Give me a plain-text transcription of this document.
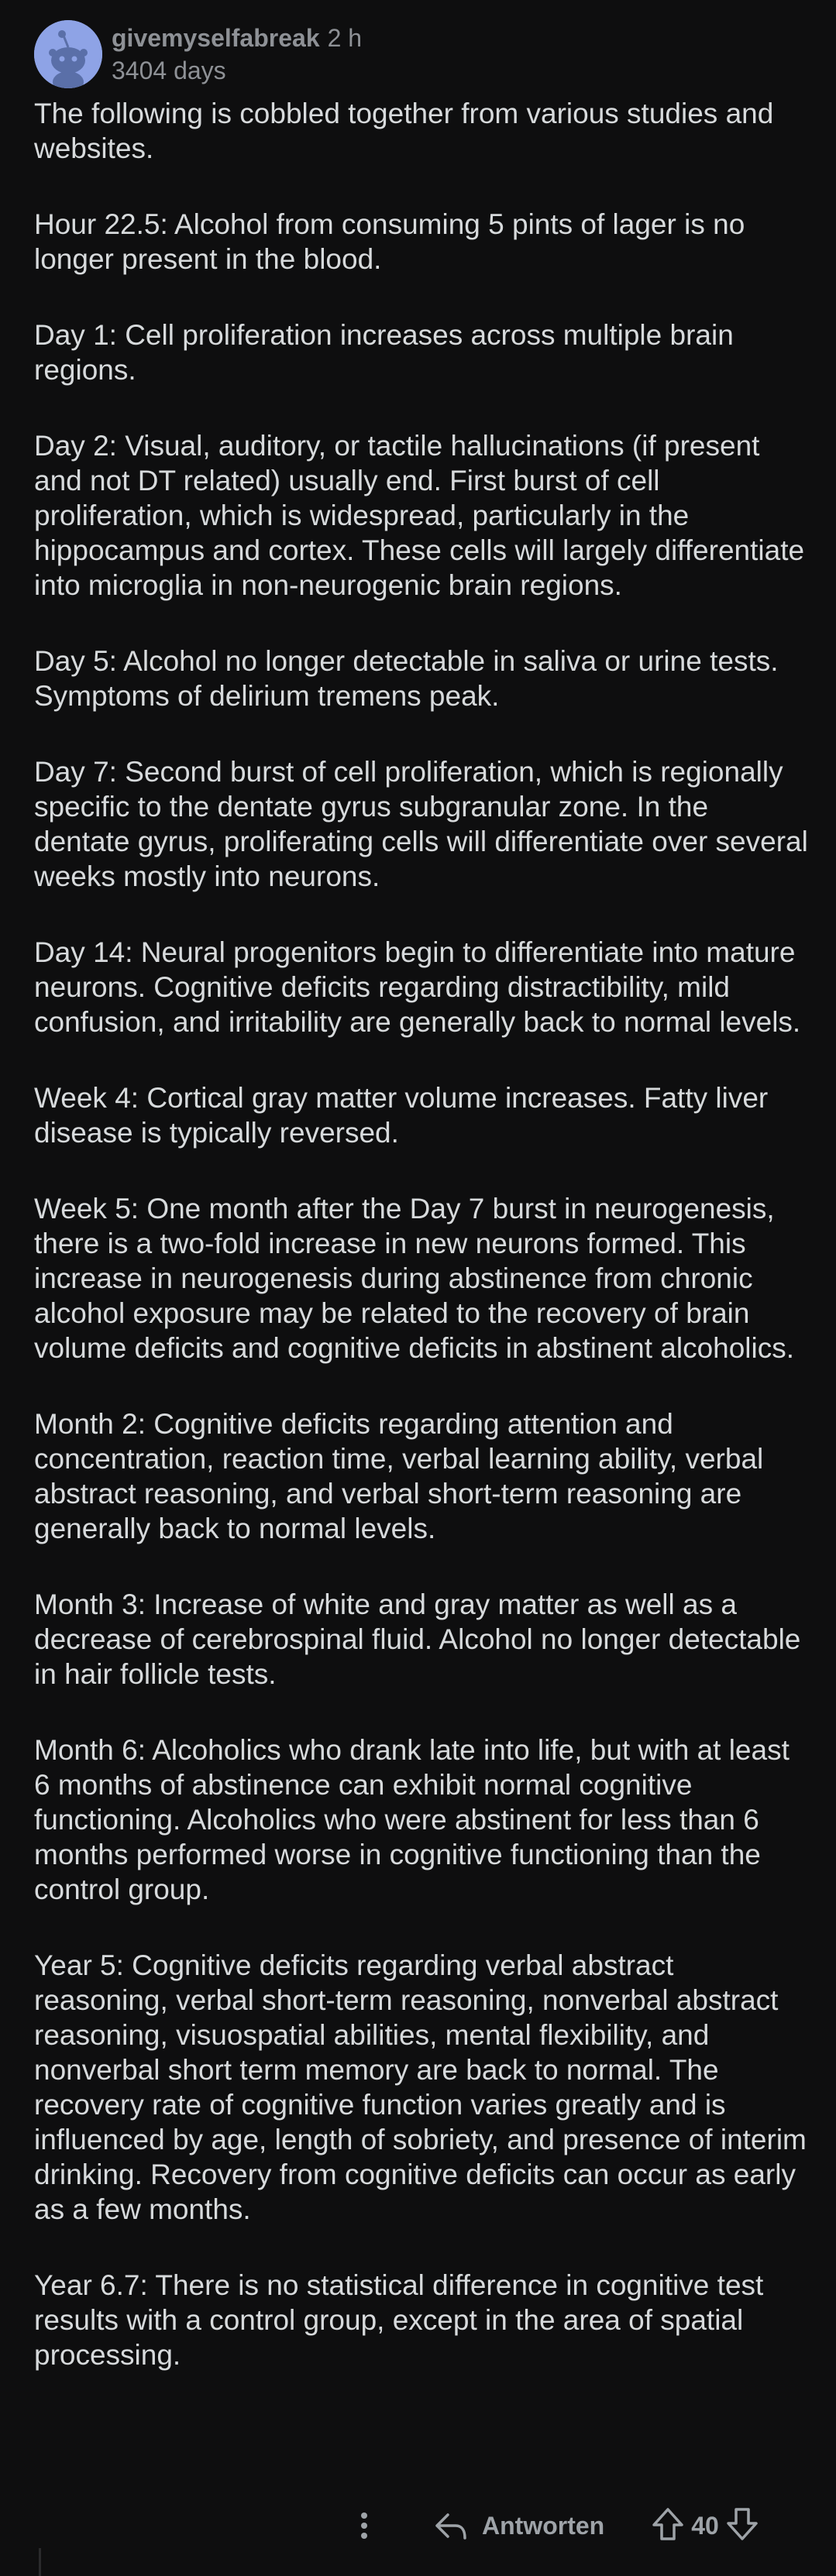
givemyselfabreak 2 h
3404 days

The following is cobbled together from various studies and websites.

Hour 22.5: Alcohol from consuming 5 pints of lager is no longer present in the blood.

Day 1: Cell proliferation increases across multiple brain regions.

Day 2: Visual, auditory, or tactile hallucinations (if present and not DT related) usually end. First burst of cell proliferation, which is widespread, particularly in the hippocampus and cortex. These cells will largely differentiate into microglia in non-neurogenic brain regions.

Day 5: Alcohol no longer detectable in saliva or urine tests. Symptoms of delirium tremens peak.

Day 7: Second burst of cell proliferation, which is regionally specific to the dentate gyrus subgranular zone. In the dentate gyrus, proliferating cells will differentiate over several weeks mostly into neurons.

Day 14: Neural progenitors begin to differentiate into mature neurons. Cognitive deficits regarding distractibility, mild confusion, and irritability are generally back to normal levels.

Week 4: Cortical gray matter volume increases. Fatty liver disease is typically reversed.

Week 5: One month after the Day 7 burst in neurogenesis, there is a two-fold increase in new neurons formed. This increase in neurogenesis during abstinence from chronic alcohol exposure may be related to the recovery of brain volume deficits and cognitive deficits in abstinent alcoholics.

Month 2: Cognitive deficits regarding attention and concentration, reaction time, verbal learning ability, verbal abstract reasoning, and verbal short-term reasoning are generally back to normal levels.

Month 3: Increase of white and gray matter as well as a decrease of cerebrospinal fluid. Alcohol no longer detectable in hair follicle tests.

Month 6: Alcoholics who drank late into life, but with at least 6 months of abstinence can exhibit normal cognitive functioning. Alcoholics who were abstinent for less than 6 months performed worse in cognitive functioning than the control group.

Year 5: Cognitive deficits regarding verbal abstract reasoning, verbal short-term reasoning, nonverbal abstract reasoning, visuospatial abilities, mental flexibility, and nonverbal short term memory are back to normal. The recovery rate of cognitive function varies greatly and is influenced by age, length of sobriety, and presence of interim drinking. Recovery from cognitive deficits can occur as early as a few months.

Year 6.7: There is no statistical difference in cognitive test results with a control group, except in the area of spatial processing.

Antworten	40
